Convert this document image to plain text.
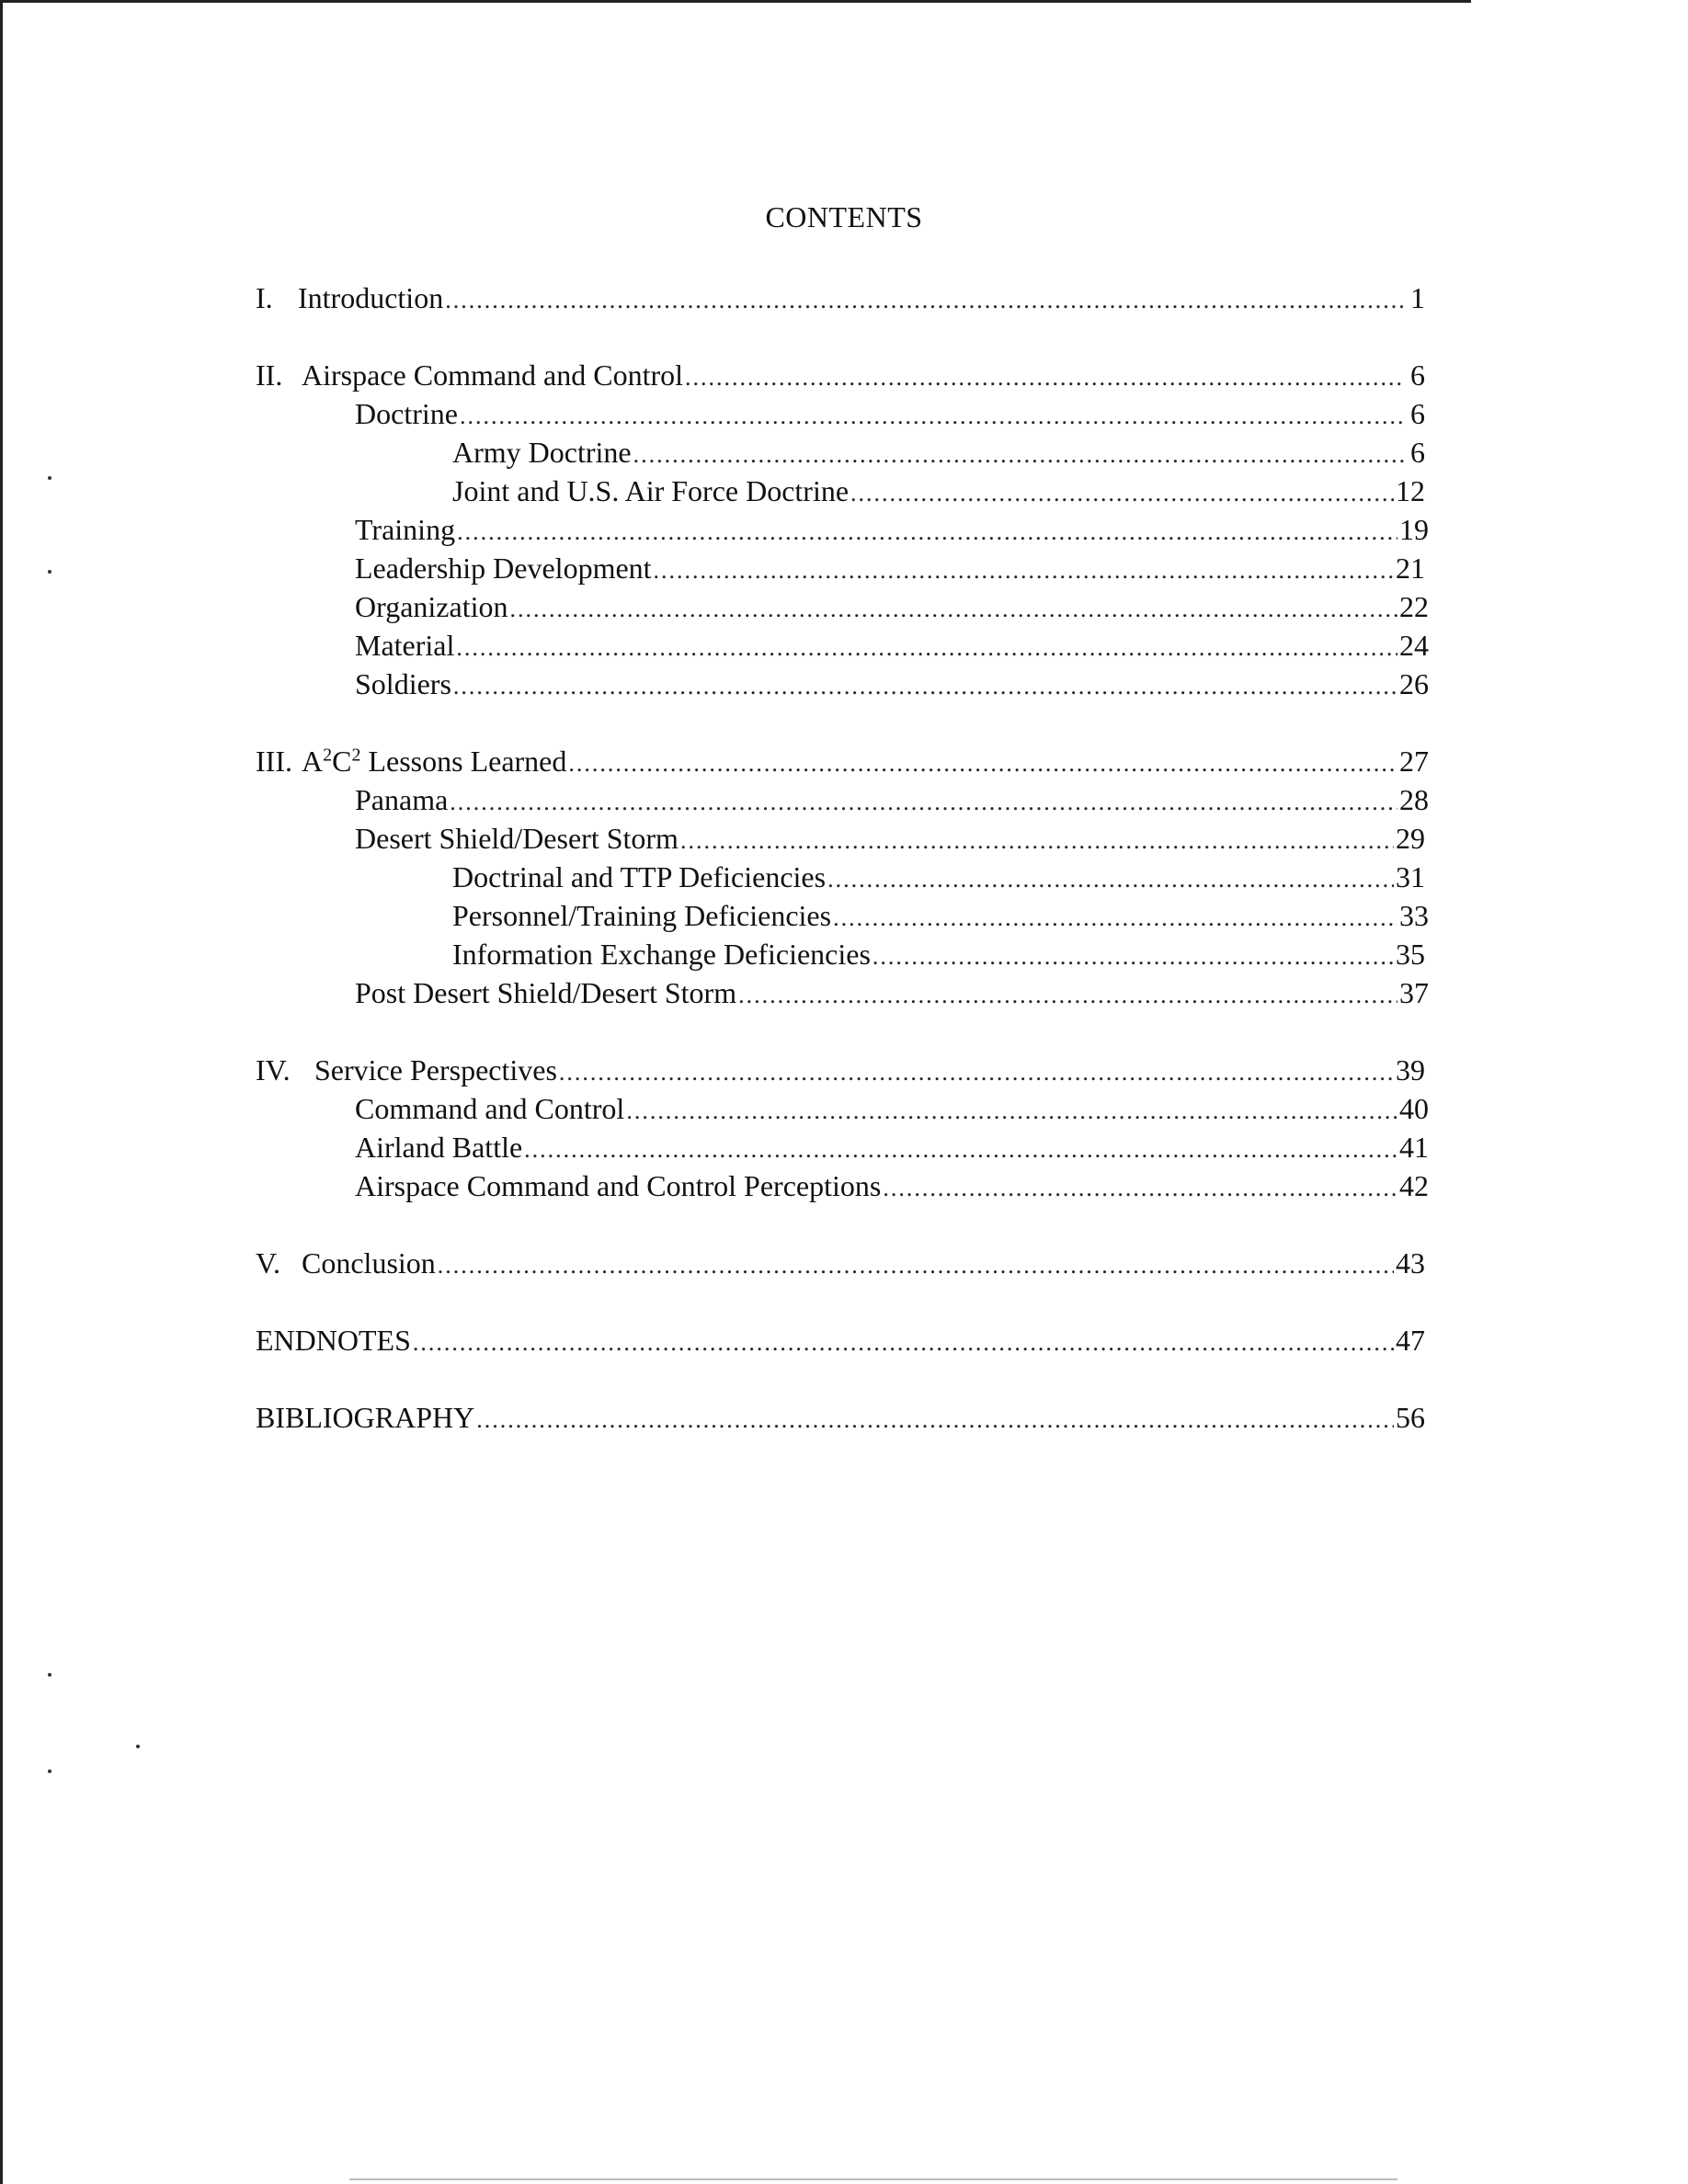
CONTENTS
I. Introduction .....	1
II. Airspace Command and Control .....	6
Doctrine .....	6
Army Doctrine .....	6
Joint and U.S. Air Force Doctrine .....	12
Training .....	19
Leadership Development .....	21
Organization .....	22
Material .....	24
Soldiers .....	26
III. $A^2C^2$ Lessons Learned .....	27
Panama .....	28
Desert Shield/Desert Storm .....	29
Doctrinal and TTP Deficiencies .....	31
Personnel/Training Deficiencies .....	33
Information Exchange Deficiencies .....	35
Post Desert Shield/Desert Storm .....	37
IV. Service Perspectives .....	39
Command and Control .....	40
Airland Battle .....	41
Airspace Command and Control Perceptions .....	42
V. Conclusion .....	43
ENDNOTES .....	47
BIBLIOGRAPHY .....	56
